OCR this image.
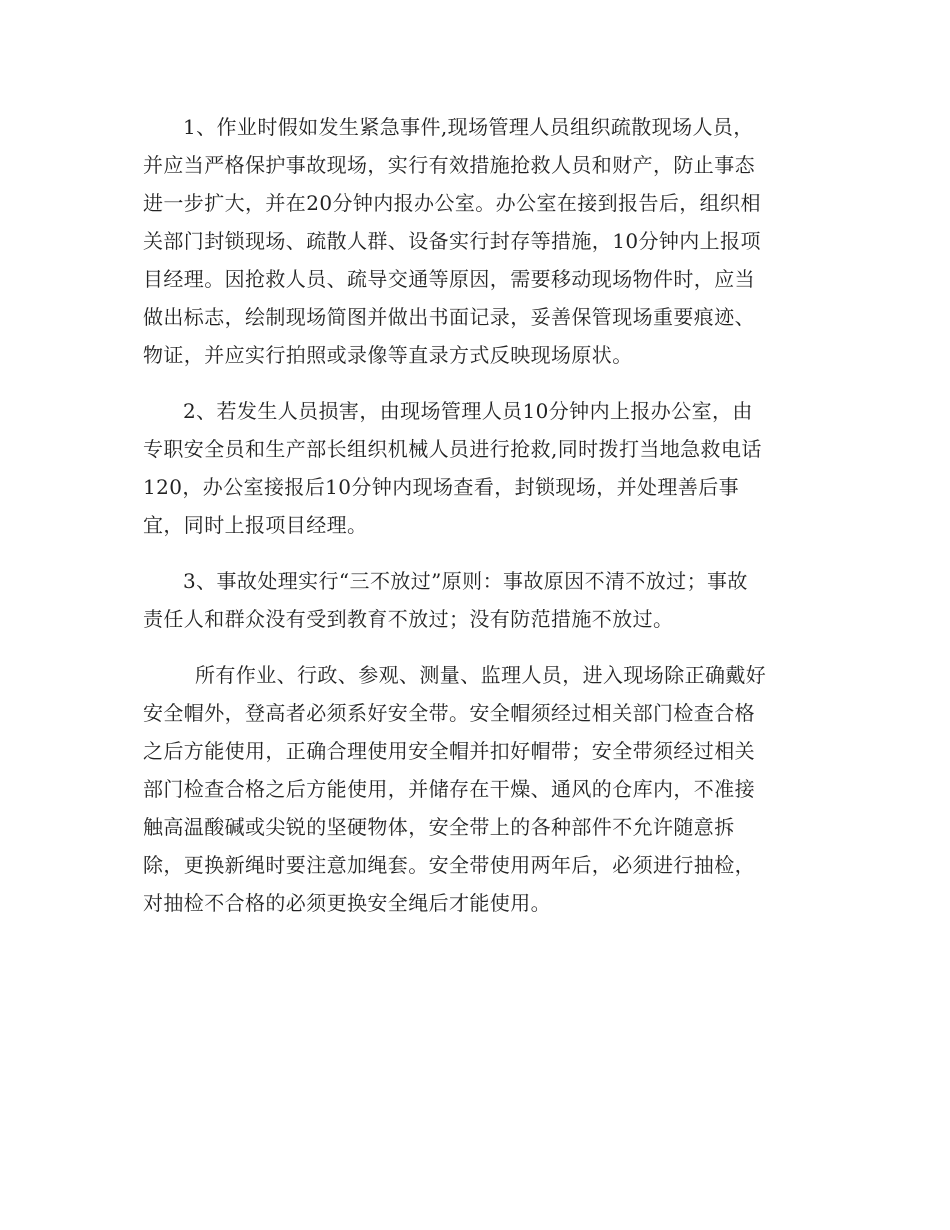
1、作业时假如发生紧急事件,现场管理人员组织疏散现场人员，
并应当严格保护事故现场，实行有效措施抢救人员和财产，防止事态
进一步扩大，并在20分钟内报办公室。办公室在接到报告后，组织相
关部门封锁现场、疏散人群、设备实行封存等措施，10分钟内上报项
目经理。因抢救人员、疏导交通等原因，需要移动现场物件时，应当
做出标志，绘制现场简图并做出书面记录，妥善保管现场重要痕迹、
物证，并应实行拍照或录像等直录方式反映现场原状。
2、若发生人员损害，由现场管理人员10分钟内上报办公室，由
专职安全员和生产部长组织机械人员进行抢救,同时拨打当地急救电话
120，办公室接报后10分钟内现场查看，封锁现场，并处理善后事
宜，同时上报项目经理。
3、事故处理实行“三不放过”原则：事故原因不清不放过；事故
责任人和群众没有受到教育不放过；没有防范措施不放过。
所有作业、行政、参观、测量、监理人员，进入现场除正确戴好
安全帽外，登高者必须系好安全带。安全帽须经过相关部门检查合格
之后方能使用，正确合理使用安全帽并扣好帽带；安全带须经过相关
部门检查合格之后方能使用，并储存在干燥、通风的仓库内，不准接
触高温酸碱或尖锐的坚硬物体，安全带上的各种部件不允许随意拆
除，更换新绳时要注意加绳套。安全带使用两年后，必须进行抽检，
对抽检不合格的必须更换安全绳后才能使用。
